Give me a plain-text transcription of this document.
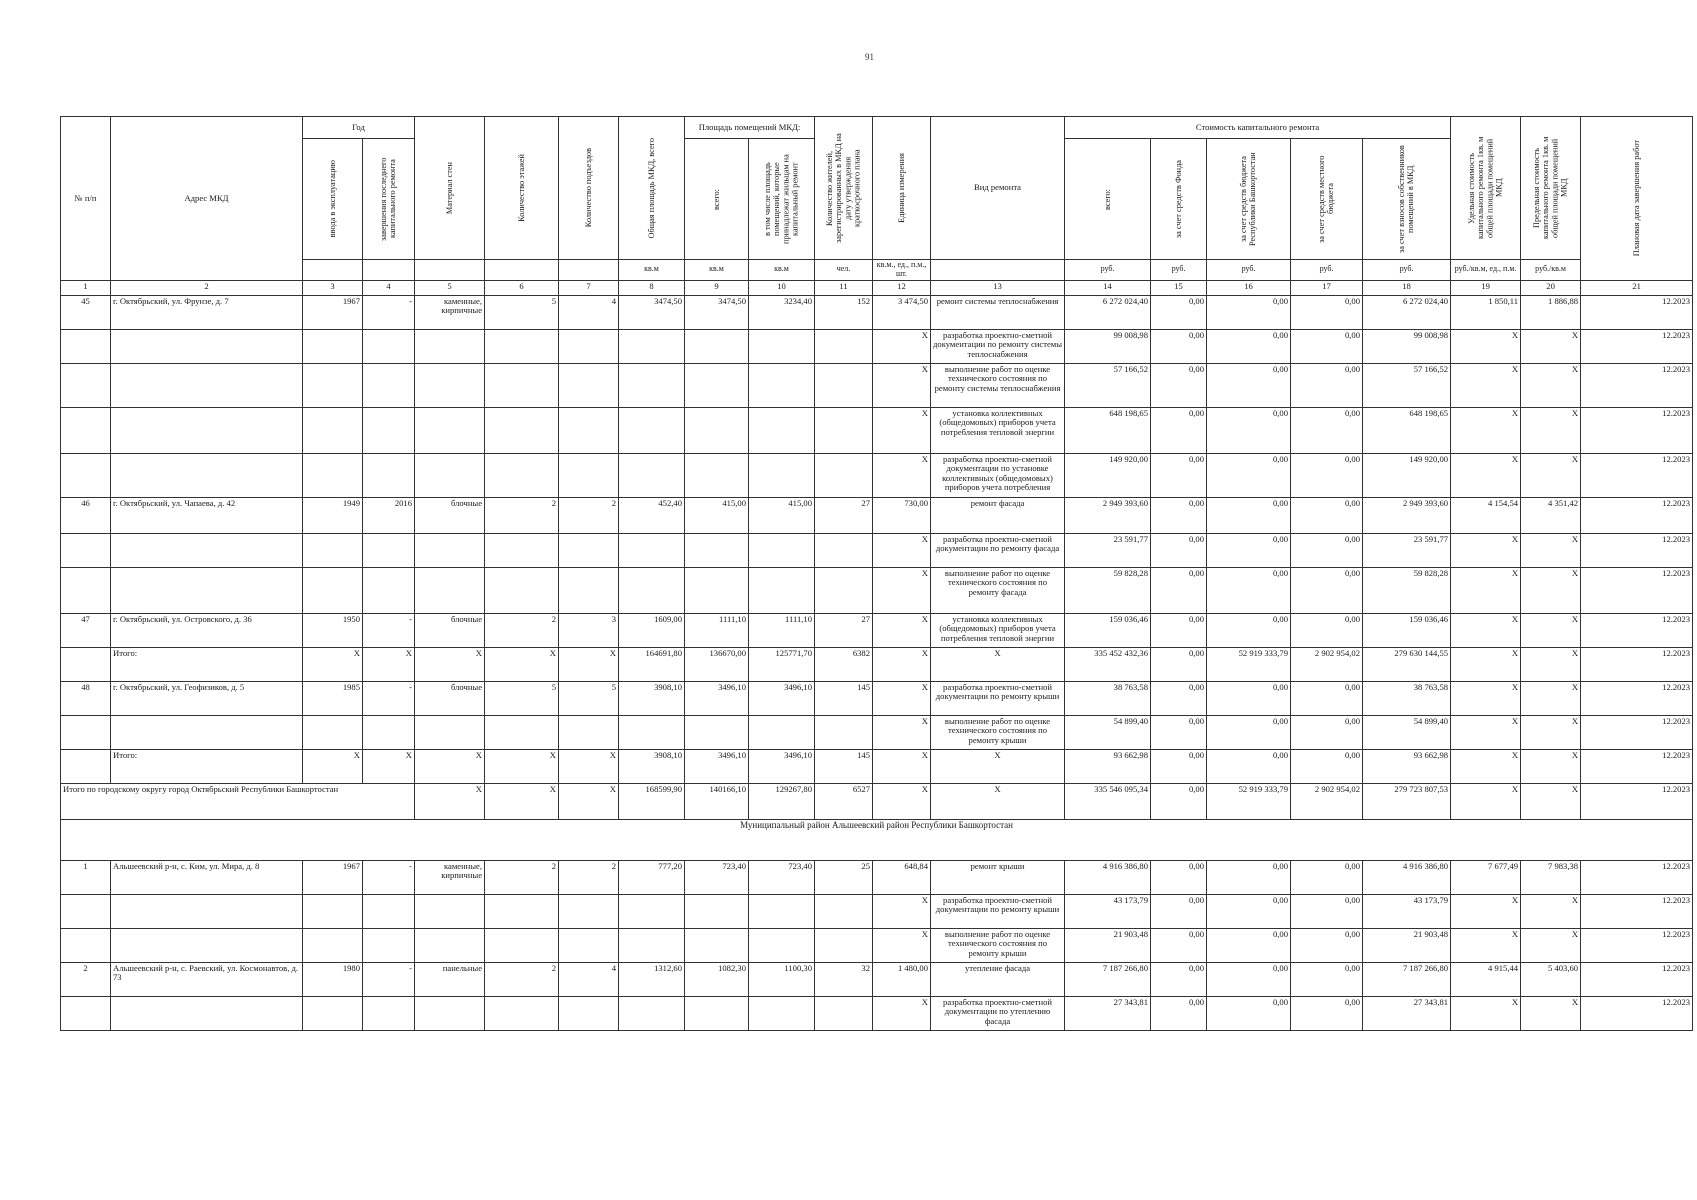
91
№ п/п	Адрес МКД	Год		Материал стен	Количество этажей	Количество подъездов	Общая площадь МКД, всего	Площадь помещений МКД:		Количество жителей, зарегистрированных в МКД на дату утверждения краткосрочного плана	Единица измерения	Вид ремонта	Стоимость капитального ремонта					Удельная стоимость капитального ремонта 1кв. м общей площади помещений МКД	Предельная стоимость капитального ремонта 1кв. м общей площади помещений МКД	Плановая дата завершения работ

		ввода в эксплуатацию	завершения последнего капитального ремонта					всего:	в том числе площадь помещений, которые принадлежат жильцам на капитальный ремонт				всего:	за счет средств Фонда	за счет средств бюджета Республики Башкортостан	за счет средств местного бюджета	за счет взносов собственников помещений в МКД			

							кв.м	кв.м	кв.м	чел.	кв.м., ед., п.м., шт.		руб.	руб.	руб.	руб.	руб.	руб./кв.м, ед., п.м.	руб./кв.м	
1	2	3	4	5	6	7	8	9	10	11	12	13	14	15	16	17	18	19	20	21
45	г. Октябрьский, ул. Фрунзе, д. 7	1967	-	каменные, кирпичные	5	4	3474,50	3474,50	3234,40	152	3 474,50	ремонт системы теплоснабжения	6 272 024,40	0,00	0,00	0,00	6 272 024,40	1 850,11	1 886,88	12.2023
											X	разработка проектно-сметной документации по ремонту системы теплоснабжения	99 008,98	0,00	0,00	0,00	99 008,98	X	X	12.2023
											X	выполнение работ по оценке технического состояния по ремонту системы теплоснабжения	57 166,52	0,00	0,00	0,00	57 166,52	X	X	12.2023
											X	установка коллективных (общедомовых) приборов учета потребления тепловой энергии	648 198,65	0,00	0,00	0,00	648 198,65	X	X	12.2023
											X	разработка проектно-сметной документации по установке коллективных (общедомовых) приборов учета потребления	149 920,00	0,00	0,00	0,00	149 920,00	X	X	12.2023
46	г. Октябрьский, ул. Чапаева, д. 42	1949	2016	блочные	2	2	452,40	415,00	415,00	27	730,00	ремонт фасада	2 949 393,60	0,00	0,00	0,00	2 949 393,60	4 154,54	4 351,42	12.2023
											X	разработка проектно-сметной документации по ремонту фасада	23 591,77	0,00	0,00	0,00	23 591,77	X	X	12.2023
											X	выполнение работ по оценке технического состояния по ремонту фасада	59 828,28	0,00	0,00	0,00	59 828,28	X	X	12.2023
47	г. Октябрьский, ул. Островского, д. 36	1950	-	блочные	2	3	1609,00	1111,10	1111,10	27	X	установка коллективных (общедомовых) приборов учета потребления тепловой энергии	159 036,46	0,00	0,00	0,00	159 036,46	X	X	12.2023
	Итого:	X	X	X	X	X	164691,80	136670,00	125771,70	6382	X	X	335 452 432,36	0,00	52 919 333,79	2 902 954,02	279 630 144,55	X	X	12.2023
48	г. Октябрьский, ул. Геофизиков, д. 5	1985	-	блочные	5	5	3908,10	3496,10	3496,10	145	X	разработка проектно-сметной документации по ремонту крыши	38 763,58	0,00	0,00	0,00	38 763,58	X	X	12.2023
											X	выполнение работ по оценке технического состояния по ремонту крыши	54 899,40	0,00	0,00	0,00	54 899,40	X	X	12.2023
	Итого:	X	X	X	X	X	3908,10	3496,10	3496,10	145	X	X	93 662,98	0,00	0,00	0,00	93 662,98	X	X	12.2023
Итого по городскому округу город Октябрьский Республики Башкортостан				X	X	X	168599,90	140166,10	129267,80	6527	X	X	335 546 095,34	0,00	52 919 333,79	2 902 954,02	279 723 807,53	X	X	12.2023
Муниципальный район Альшеевский район Республики Башкортостан																				
1	Альшеевский р-н, с. Ким, ул. Мира, д. 8	1967	-	каменные, кирпичные	2	2	777,20	723,40	723,40	25	648,84	ремонт крыши	4 916 386,80	0,00	0,00	0,00	4 916 386,80	7 677,49	7 983,38	12.2023
											X	разработка проектно-сметной документации по ремонту крыши	43 173,79	0,00	0,00	0,00	43 173,79	X	X	12.2023
											X	выполнение работ по оценке технического состояния по ремонту крыши	21 903,48	0,00	0,00	0,00	21 903,48	X	X	12.2023
2	Альшеевский р-н, с. Раевский, ул. Космонавтов, д. 73	1980	-	панельные	2	4	1312,60	1082,30	1100,30	32	1 480,00	утепление фасада	7 187 266,80	0,00	0,00	0,00	7 187 266,80	4 915,44	5 403,60	12.2023
											X	разработка проектно-сметной документации по утеплению фасада	27 343,81	0,00	0,00	0,00	27 343,81	X	X	12.2023
